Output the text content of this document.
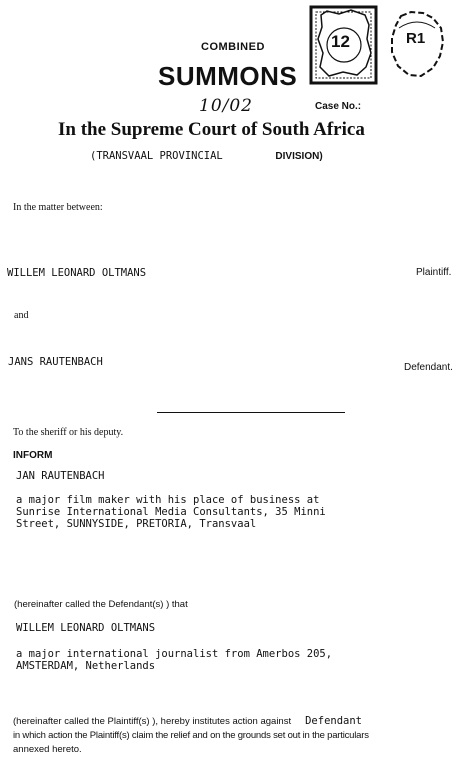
COMBINED
SUMMONS
10/02	Case No.:
In the Supreme Court of South Africa
(TRANSVAAL PROVINCIAL	DIVISION)
12	R1
In the matter between:
WILLEM LEONARD OLTMANS	Plaintiff.
and
JANS RAUTENBACH	Defendant.
To the sheriff or his deputy.
INFORM
JAN RAUTENBACH
a major film maker with his place of business at
Sunrise International Media Consultants, 35 Minni
Street, SUNNYSIDE, PRETORIA, Transvaal
(hereinafter called the Defendant(s) ) that
WILLEM LEONARD OLTMANS
a major international journalist from Amerbos 205,
AMSTERDAM, Netherlands
(hereinafter called the Plaintiff(s) ), hereby institutes action against Defendant
in which action the Plaintiff(s) claim the relief and on the grounds set out in the particulars
annexed hereto.
